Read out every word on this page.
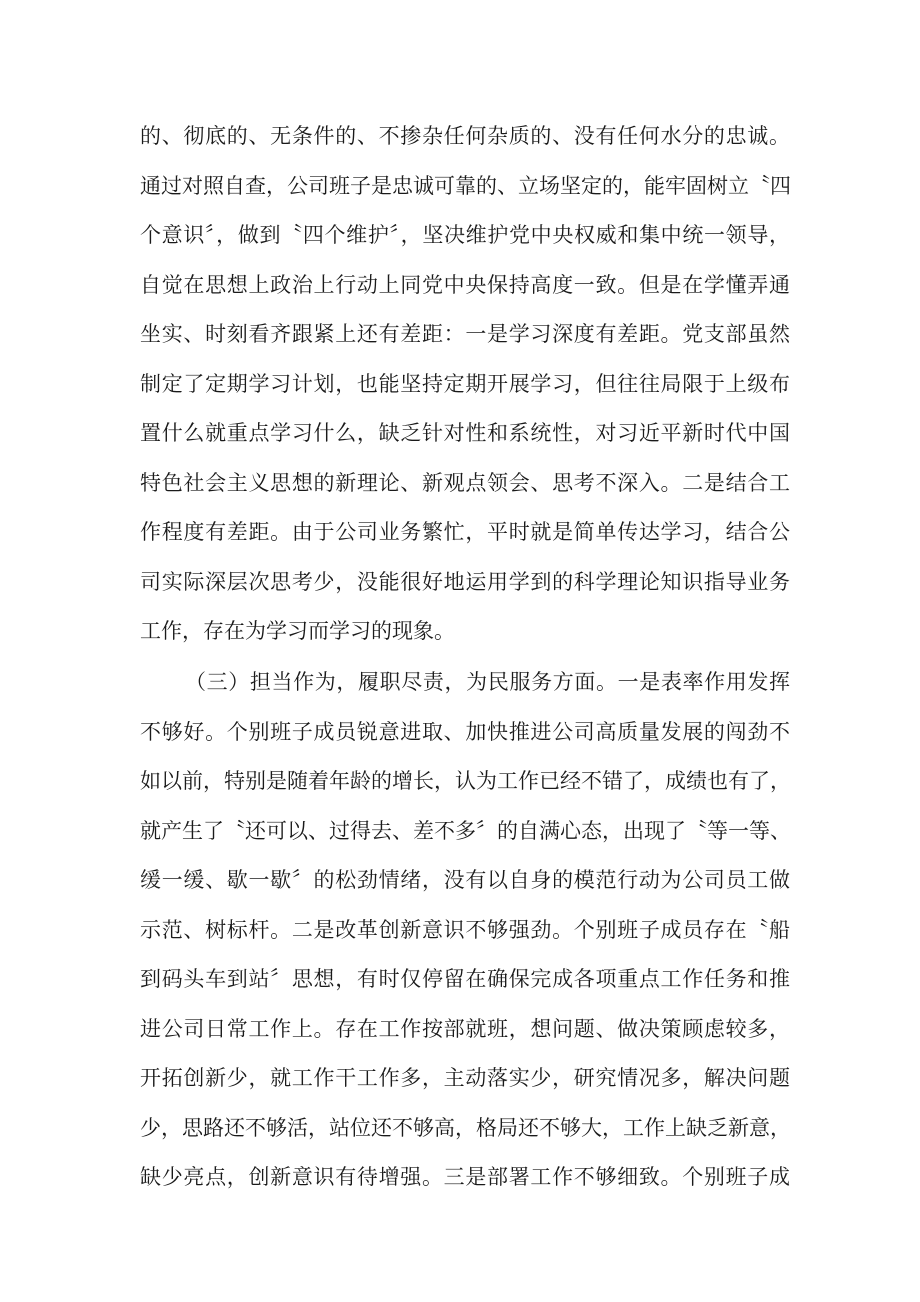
的、彻底的、无条件的、不掺杂任何杂质的、没有任何水分的忠诚。
通过对照自查，公司班子是忠诚可靠的、立场坚定的，能牢固树立〝四
个意识〞，做到〝四个维护〞，坚决维护党中央权威和集中统一领导，
自觉在思想上政治上行动上同党中央保持高度一致。但是在学懂弄通
坐实、时刻看齐跟紧上还有差距：一是学习深度有差距。党支部虽然
制定了定期学习计划，也能坚持定期开展学习，但往往局限于上级布
置什么就重点学习什么，缺乏针对性和系统性，对习近平新时代中国
特色社会主义思想的新理论、新观点领会、思考不深入。二是结合工
作程度有差距。由于公司业务繁忙，平时就是简单传达学习，结合公
司实际深层次思考少，没能很好地运用学到的科学理论知识指导业务
工作，存在为学习而学习的现象。
（三）担当作为，履职尽责，为民服务方面。一是表率作用发挥
不够好。个别班子成员锐意进取、加快推进公司高质量发展的闯劲不
如以前，特别是随着年龄的增长，认为工作已经不错了，成绩也有了，
就产生了〝还可以、过得去、差不多〞的自满心态，出现了〝等一等、
缓一缓、歇一歇〞的松劲情绪，没有以自身的模范行动为公司员工做
示范、树标杆。二是改革创新意识不够强劲。个别班子成员存在〝船
到码头车到站〞思想，有时仅停留在确保完成各项重点工作任务和推
进公司日常工作上。存在工作按部就班，想问题、做决策顾虑较多，
开拓创新少，就工作干工作多，主动落实少，研究情况多，解决问题
少，思路还不够活，站位还不够高，格局还不够大，工作上缺乏新意，
缺少亮点，创新意识有待增强。三是部署工作不够细致。个别班子成
